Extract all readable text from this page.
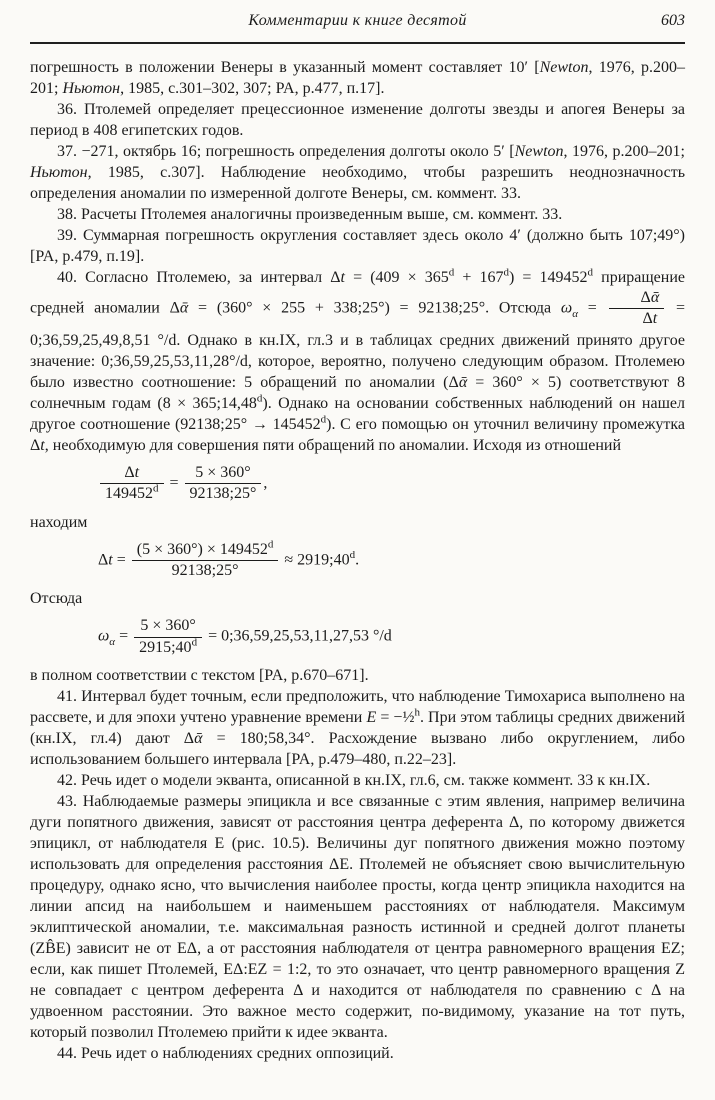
Комментарии к книге десятой	603
погрешность в положении Венеры в указанный момент составляет 10′ [Newton, 1976, p.200–201; Ньютон, 1985, с.301–302, 307; PA, p.477, п.17].
36. Птолемей определяет прецессионное изменение долготы звезды и апогея Венеры за период в 408 египетских годов.
37. −271, октябрь 16; погрешность определения долготы около 5′ [Newton, 1976, p.200–201; Ньютон, 1985, с.307]. Наблюдение необходимо, чтобы разрешить неоднозначность определения аномалии по измеренной долготе Венеры, см. коммент. 33.
38. Расчеты Птолемея аналогичны произведенным выше, см. коммент. 33.
39. Суммарная погрешность округления составляет здесь около 4′ (должно быть 107;49°) [PA, p.479, п.19].
40. Согласно Птолемею, за интервал $\Delta t = (409 \times 365^d + 167^d) = 149452^d$ приращение средней аномалии Δᾱ = (360° × 255 + 338;25°) = 92138;25°. Отсюда $\omega_\alpha = \frac{\text{Δᾱ}}{\Delta t}$ = 0;36,59,25,49,8,51 °/d. Однако в кн.IX, гл.3 и в таблицах средних движений принято другое значение: 0;36,59,25,53,11,28°/d, которое, вероятно, получено следующим образом. Птолемею было известно соотношение: 5 обращений по аномалии (Δᾱ = 360° × 5) соответствуют 8 солнечным годам (8 × 365;14,48$^d$). Однако на основании собственных наблюдений он нашел другое соотношение (92138;25° → $145452^d$). С его помощью он уточнил величину промежутка Δt, необходимую для совершения пяти обращений по аномалии. Исходя из отношений
$\frac{\Delta t}{149452^d} = \frac{5 \times 360^\circ}{92138;25^\circ}$ ,
находим
$\Delta t = \frac{(5 \times 360^\circ) \times 149452^d}{92138;25^\circ}$ ≈ $2919;40^d$.
Отсюда
$\omega_\alpha = \frac{5 \times 360^\circ}{2915;40^d}$ = 0;36,59,25,53,11,27,53 °/d
в полном соответствии с текстом [PA, p.670–671].
41. Интервал будет точным, если предположить, что наблюдение Тимохариса выполнено на рассвете, и для эпохи учтено уравнение времени E = −½$^h$. При этом таблицы средних движений (кн.IX, гл.4) дают Δᾱ = 180;58,34°. Расхождение вызвано либо округлением, либо использованием большего интервала [PA, p.479–480, п.22–23].
42. Речь идет о модели экванта, описанной в кн.IX, гл.6, см. также коммент. 33 к кн.IX.
43. Наблюдаемые размеры эпицикла и все связанные с этим явления, например величина дуги попятного движения, зависят от расстояния центра деферента Δ, по которому движется эпицикл, от наблюдателя E (рис. 10.5). Величины дуг попятного движения можно поэтому использовать для определения расстояния ΔE. Птолемей не объясняет свою вычислительную процедуру, однако ясно, что вычисления наиболее просты, когда центр эпицикла находится на линии апсид на наибольшем и наименьшем расстояниях от наблюдателя. Максимум эклиптической аномалии, т.е. максимальная разность истинной и средней долгот планеты (ZB̂E) зависит не от EΔ, а от расстояния наблюдателя от центра равномерного вращения EZ; если, как пишет Птолемей, EΔ:EZ = 1:2, то это означает, что центр равномерного вращения Z не совпадает с центром деферента Δ и находится от наблюдателя по сравнению с Δ на удвоенном расстоянии. Это важное место содержит, по-видимому, указание на тот путь, который позволил Птолемею прийти к идее экванта.
44. Речь идет о наблюдениях средних оппозиций.
